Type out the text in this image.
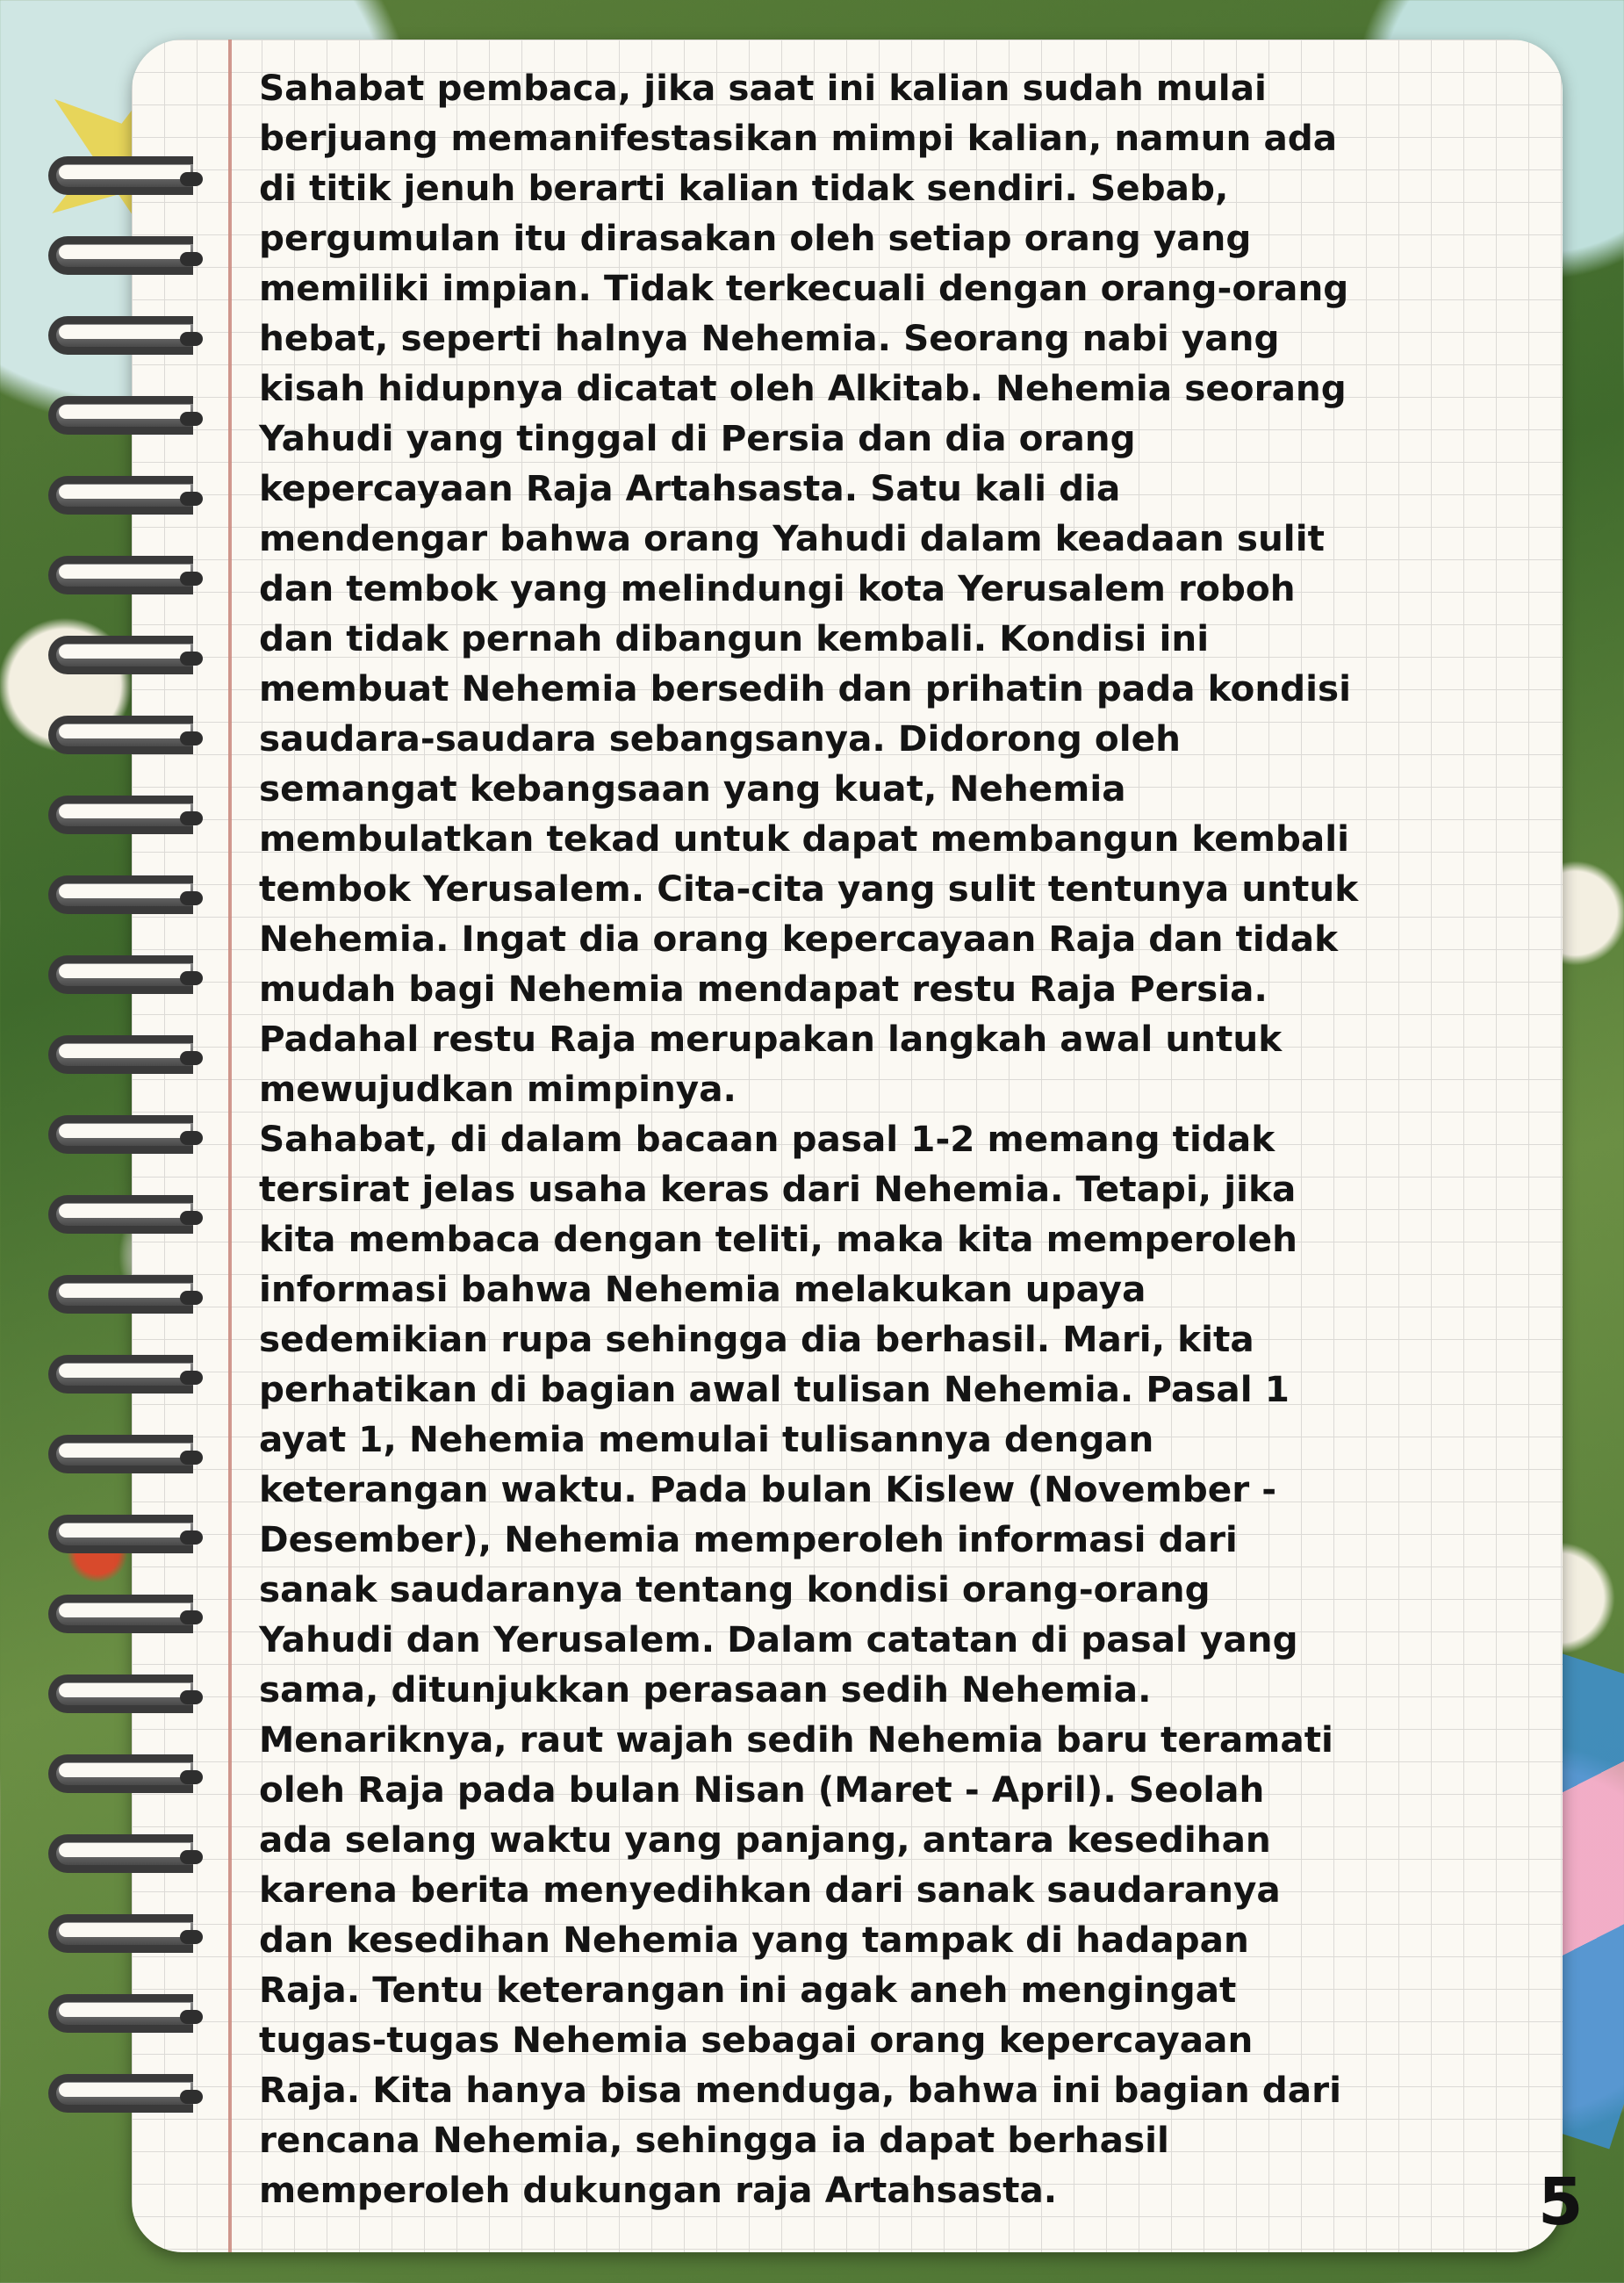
Sahabat pembaca, jika saat ini kalian sudah mulai
berjuang memanifestasikan mimpi kalian, namun ada
di titik jenuh berarti kalian tidak sendiri. Sebab,
pergumulan itu dirasakan oleh setiap orang yang
memiliki impian. Tidak terkecuali dengan orang-orang
hebat, seperti halnya Nehemia. Seorang nabi yang
kisah hidupnya dicatat oleh Alkitab. Nehemia seorang
Yahudi yang tinggal di Persia dan dia orang
kepercayaan Raja Artahsasta. Satu kali dia
mendengar bahwa orang Yahudi dalam keadaan sulit
dan tembok yang melindungi kota Yerusalem roboh
dan tidak pernah dibangun kembali. Kondisi ini
membuat Nehemia bersedih dan prihatin pada kondisi
saudara-saudara sebangsanya. Didorong oleh
semangat kebangsaan yang kuat, Nehemia
membulatkan tekad untuk dapat membangun kembali
tembok Yerusalem. Cita-cita yang sulit tentunya untuk
Nehemia. Ingat dia orang kepercayaan Raja dan tidak
mudah bagi Nehemia mendapat restu Raja Persia.
Padahal restu Raja merupakan langkah awal untuk
mewujudkan mimpinya.

Sahabat, di dalam bacaan pasal 1-2 memang tidak
tersirat jelas usaha keras dari Nehemia. Tetapi, jika
kita membaca dengan teliti, maka kita memperoleh
informasi bahwa Nehemia melakukan upaya
sedemikian rupa sehingga dia berhasil. Mari, kita
perhatikan di bagian awal tulisan Nehemia. Pasal 1
ayat 1, Nehemia memulai tulisannya dengan
keterangan waktu. Pada bulan Kislew (November -
Desember), Nehemia memperoleh informasi dari
sanak saudaranya tentang kondisi orang-orang
Yahudi dan Yerusalem. Dalam catatan di pasal yang
sama, ditunjukkan perasaan sedih Nehemia.
Menariknya, raut wajah sedih Nehemia baru teramati
oleh Raja pada bulan Nisan (Maret - April). Seolah
ada selang waktu yang panjang, antara kesedihan
karena berita menyedihkan dari sanak saudaranya
dan kesedihan Nehemia yang tampak di hadapan
Raja. Tentu keterangan ini agak aneh mengingat
tugas-tugas Nehemia sebagai orang kepercayaan
Raja. Kita hanya bisa menduga, bahwa ini bagian dari
rencana Nehemia, sehingga ia dapat berhasil
memperoleh dukungan raja Artahsasta.	5
